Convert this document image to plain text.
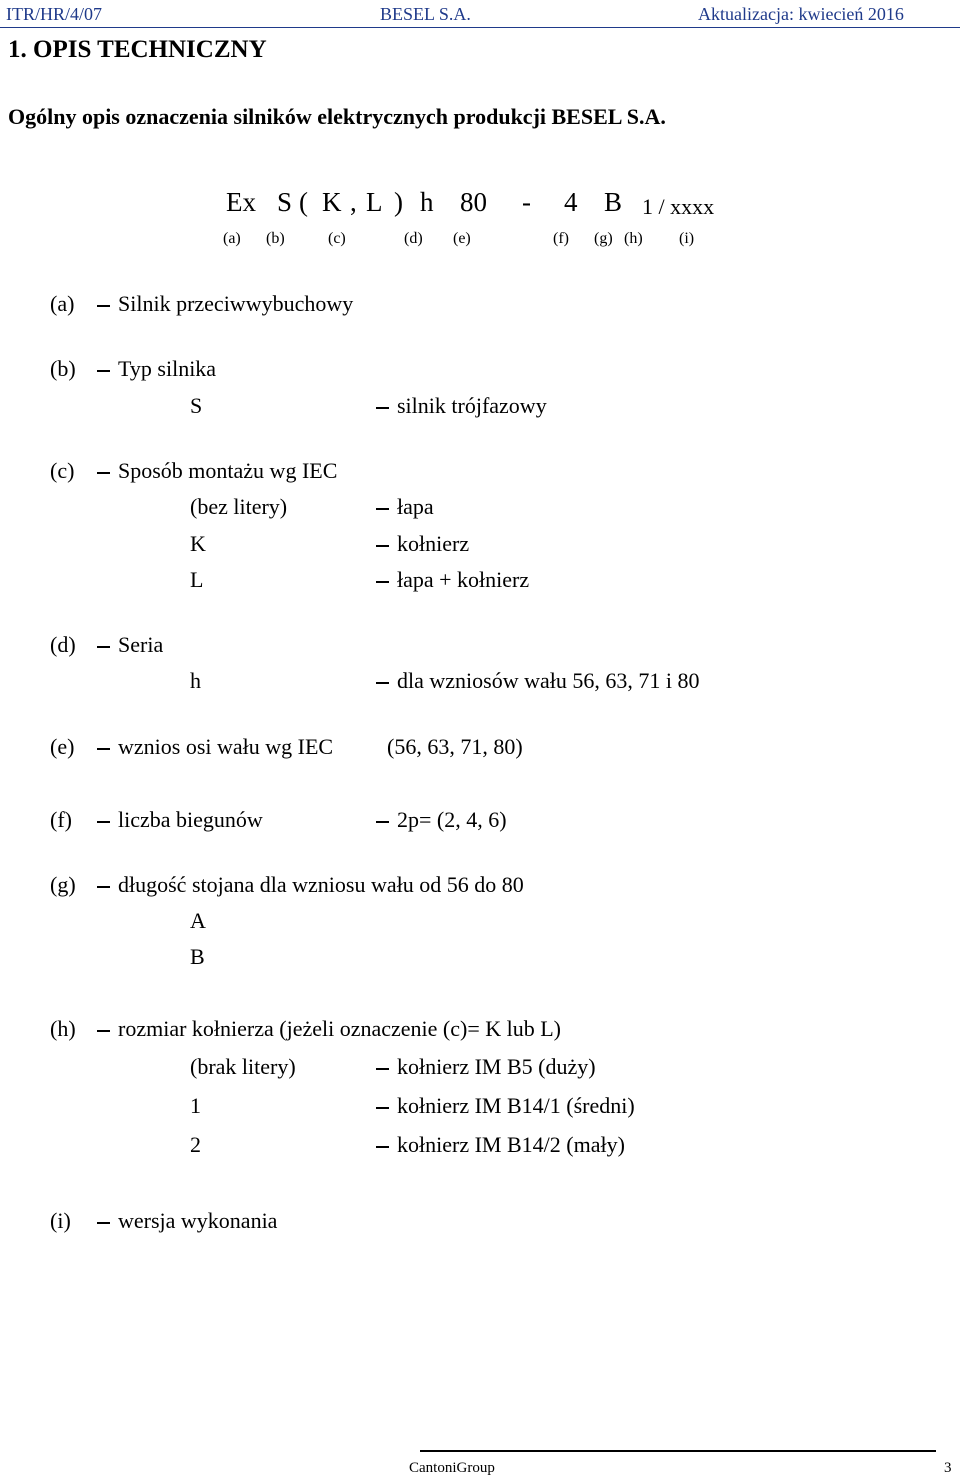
ITR/HR/4/07	BESEL S.A.	Aktualizacja: kwiecień 2016
1. OPIS TECHNICZNY
Ogólny opis oznaczenia silników elektrycznych produkcji BESEL S.A.
Ex S ( K , L ) h 80 - 4 B 1 / xxxx
(a) (b)	(c)	(d) (e)	(f) (g) (h) (i)
(a) Silnik przeciwwybuchowy
(b) Typ silnika
S	silnik trójfazowy
(c) Sposób montażu wg IEC
(bez litery)	łapa
K	kołnierz
L	łapa + kołnierz
(d) Seria
h	dla wzniosów wału 56, 63, 71 i 80
(e) wznios osi wału wg IEC (56, 63, 71, 80)
(f) liczba biegunów	2p= (2, 4, 6)
(g) długość stojana dla wzniosu wału od 56 do 80
A
B
(h) rozmiar kołnierza (jeżeli oznaczenie (c)= K lub L)
(brak litery)	kołnierz IM B5 (duży)
1	kołnierz IM B14/1 (średni)
2	kołnierz IM B14/2 (mały)
(i) wersja wykonania
CantoniGroup	3
